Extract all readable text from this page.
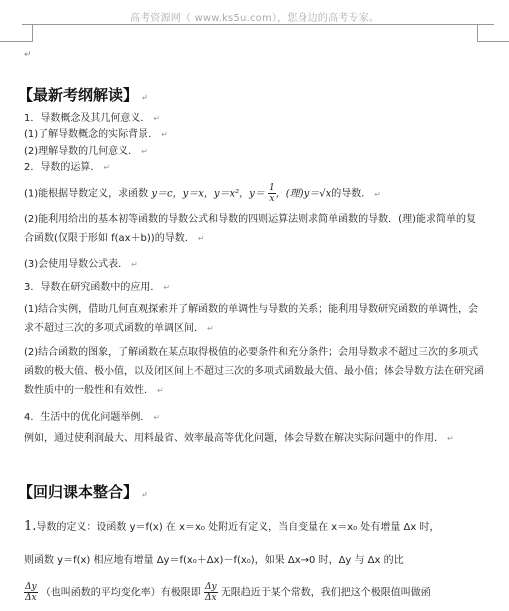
高考资源网（ www.ks5u.com），您身边的高考专家。
↵
【最新考纲解读】 ↵
1．导数概念及其几何意义． ↵
(1)了解导数概念的实际背景． ↵
(2)理解导数的几何意义． ↵
2．导数的运算． ↵
(1)能根据导数定义，求函数 y＝c，y＝x，y＝x²，$y= \frac{1}{x}$ ，(理)y＝√x的导数． ↵
(2)能利用给出的基本初等函数的导数公式和导数的四则运算法则求简单函数的导数．(理)能求简单的复合函数(仅限于形如 f(ax＋b))的导数． ↵
(3)会使用导数公式表． ↵
3．导数在研究函数中的应用． ↵
(1)结合实例，借助几何直观探索并了解函数的单调性与导数的关系；能利用导数研究函数的单调性，会求不超过三次的多项式函数的单调区间． ↵
(2)结合函数的图象，了解函数在某点取得极值的必要条件和充分条件；会用导数求不超过三次的多项式函数的极大值、极小值，以及闭区间上不超过三次的多项式函数最大值、最小值；体会导数方法在研究函数性质中的一般性和有效性． ↵
4．生活中的优化问题举例． ↵
例如，通过使利润最大、用料最省、效率最高等优化问题，体会导数在解决实际问题中的作用． ↵
【回归课本整合】 ↵
1.导数的定义：设函数 y＝f(x) 在 x＝x₀ 处附近有定义，当自变量在 x＝x₀ 处有增量 Δx 时，
则函数 y＝f(x) 相应地有增量 Δy＝f(x₀＋Δx)－f(x₀)，如果 Δx→0 时，Δy 与 Δx 的比
$\frac{\Delta y}{\Delta x}$ （也叫函数的平均变化率）有极限即 $\frac{\Delta y}{\Delta x}$ 无限趋近于某个常数，我们把这个极限值叫做函
